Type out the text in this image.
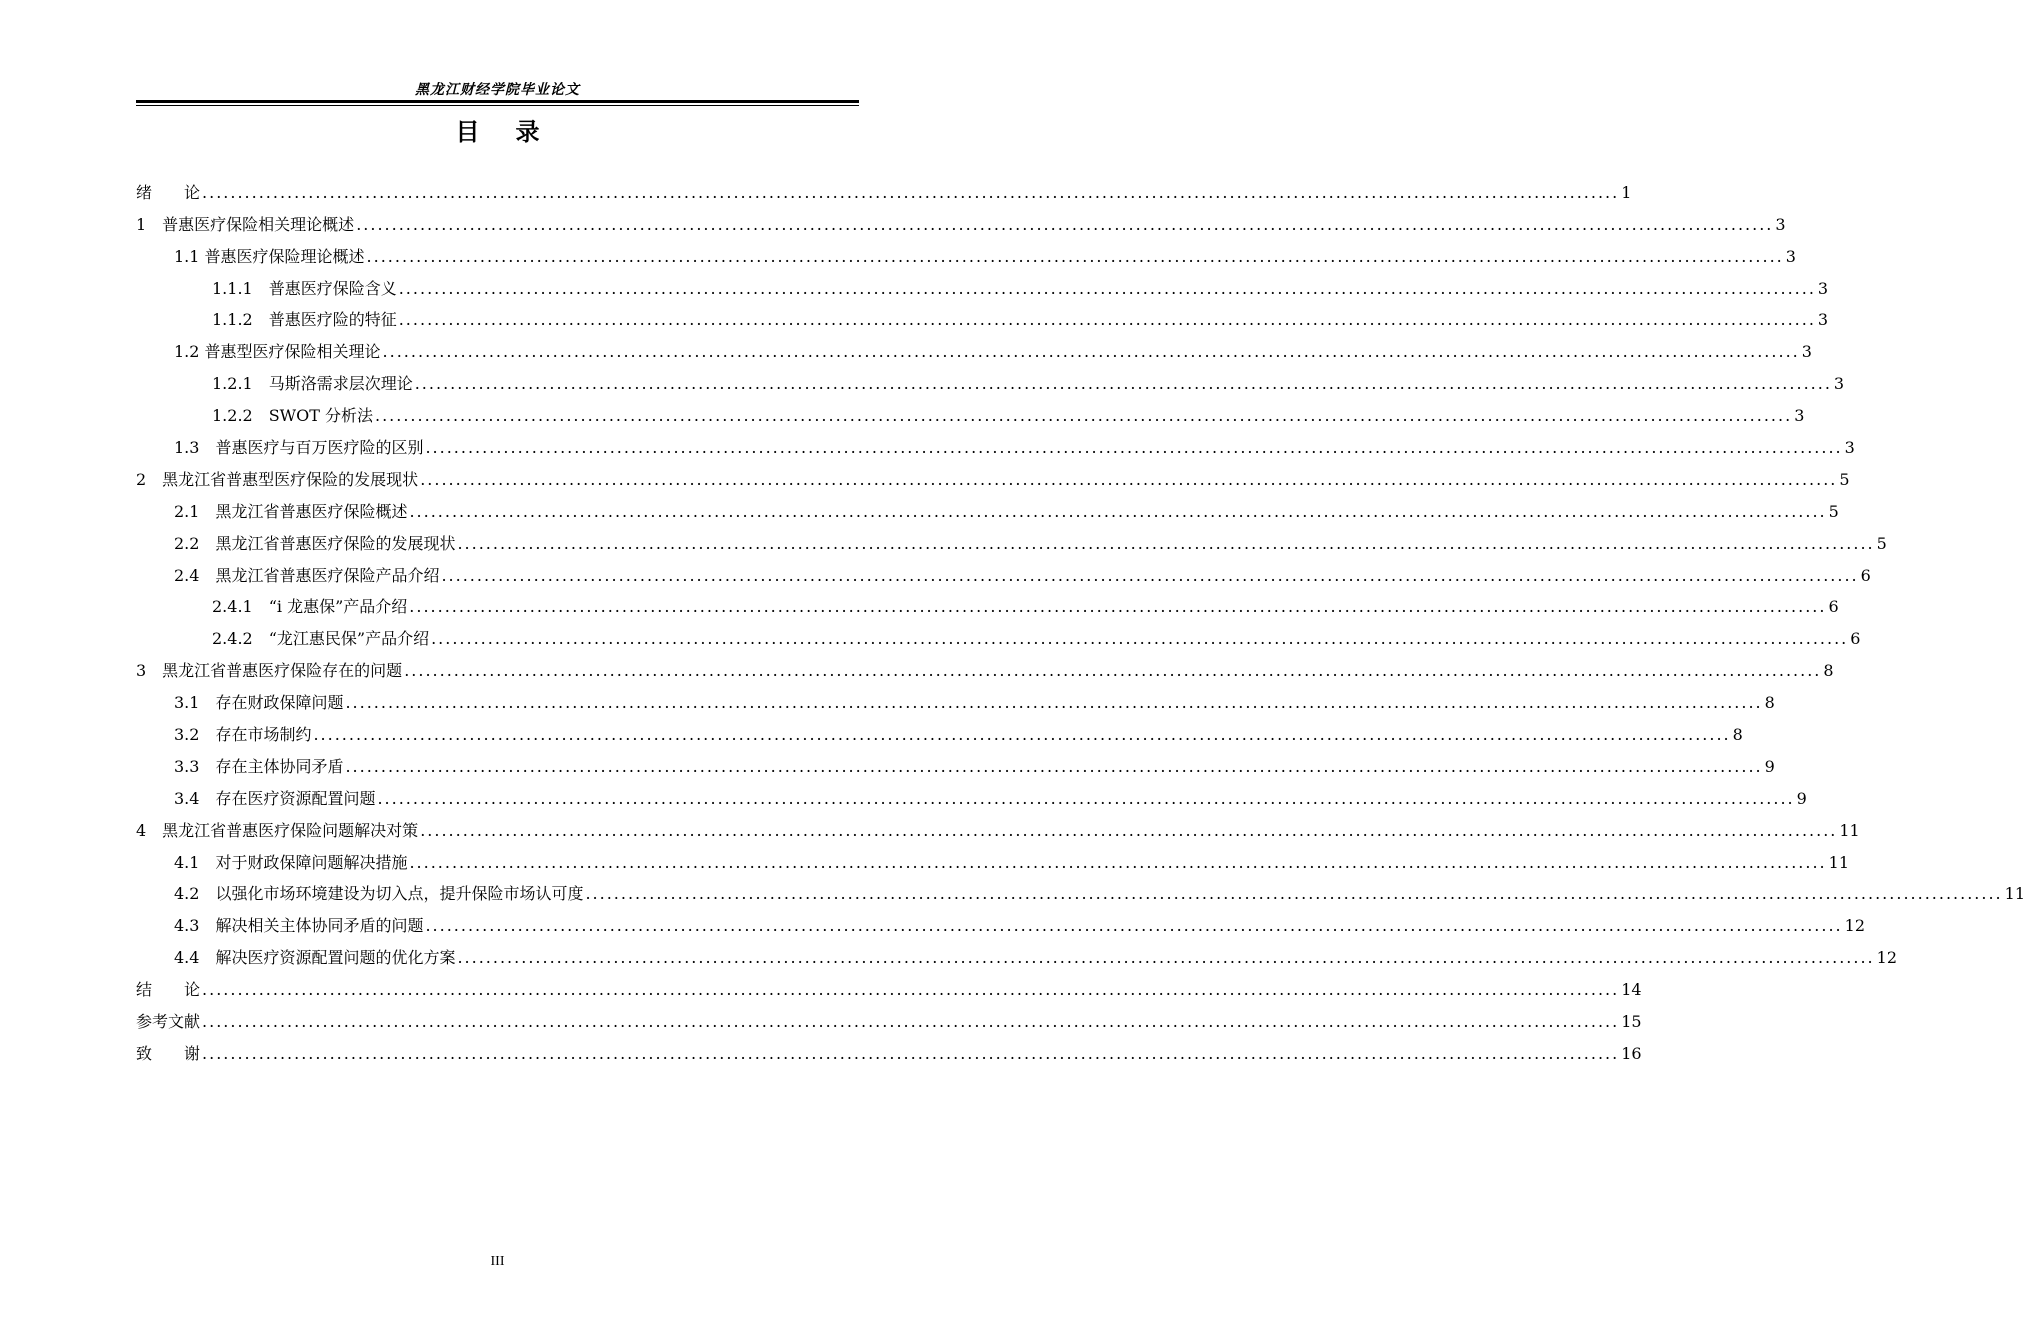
黑龙江财经学院毕业论文
目录
绪　　论 ........................................................................................................................................................................................................ 1
1　普惠医疗保险相关理论概述 ........................................................................................................................................................................................................ 3
1.1 普惠医疗保险理论概述 ........................................................................................................................................................................................................ 3
1.1.1　普惠医疗保险含义 ........................................................................................................................................................................................................ 3
1.1.2　普惠医疗险的特征 ........................................................................................................................................................................................................ 3
1.2 普惠型医疗保险相关理论 ........................................................................................................................................................................................................ 3
1.2.1　马斯洛需求层次理论 ........................................................................................................................................................................................................ 3
1.2.2　SWOT 分析法 ........................................................................................................................................................................................................ 3
1.3　普惠医疗与百万医疗险的区别 ........................................................................................................................................................................................................ 3
2　黑龙江省普惠型医疗保险的发展现状 ........................................................................................................................................................................................................ 5
2.1　黑龙江省普惠医疗保险概述 ........................................................................................................................................................................................................ 5
2.2　黑龙江省普惠医疗保险的发展现状 ........................................................................................................................................................................................................ 5
2.4　黑龙江省普惠医疗保险产品介绍 ........................................................................................................................................................................................................ 6
2.4.1　“i 龙惠保”产品介绍 ........................................................................................................................................................................................................ 6
2.4.2　“龙江惠民保”产品介绍 ........................................................................................................................................................................................................ 6
3　黑龙江省普惠医疗保险存在的问题 ........................................................................................................................................................................................................ 8
3.1　存在财政保障问题 ........................................................................................................................................................................................................ 8
3.2　存在市场制约 ........................................................................................................................................................................................................ 8
3.3　存在主体协同矛盾 ........................................................................................................................................................................................................ 9
3.4　存在医疗资源配置问题 ........................................................................................................................................................................................................ 9
4　黑龙江省普惠医疗保险问题解决对策 ........................................................................................................................................................................................................ 11
4.1　对于财政保障问题解决措施 ........................................................................................................................................................................................................ 11
4.2　以强化市场环境建设为切入点，提升保险市场认可度 ........................................................................................................................................................................................................ 11
4.3　解决相关主体协同矛盾的问题 ........................................................................................................................................................................................................ 12
4.4　解决医疗资源配置问题的优化方案 ........................................................................................................................................................................................................ 12
结　　论 ........................................................................................................................................................................................................ 14
参考文献 ........................................................................................................................................................................................................ 15
致　　谢 ........................................................................................................................................................................................................ 16
III
